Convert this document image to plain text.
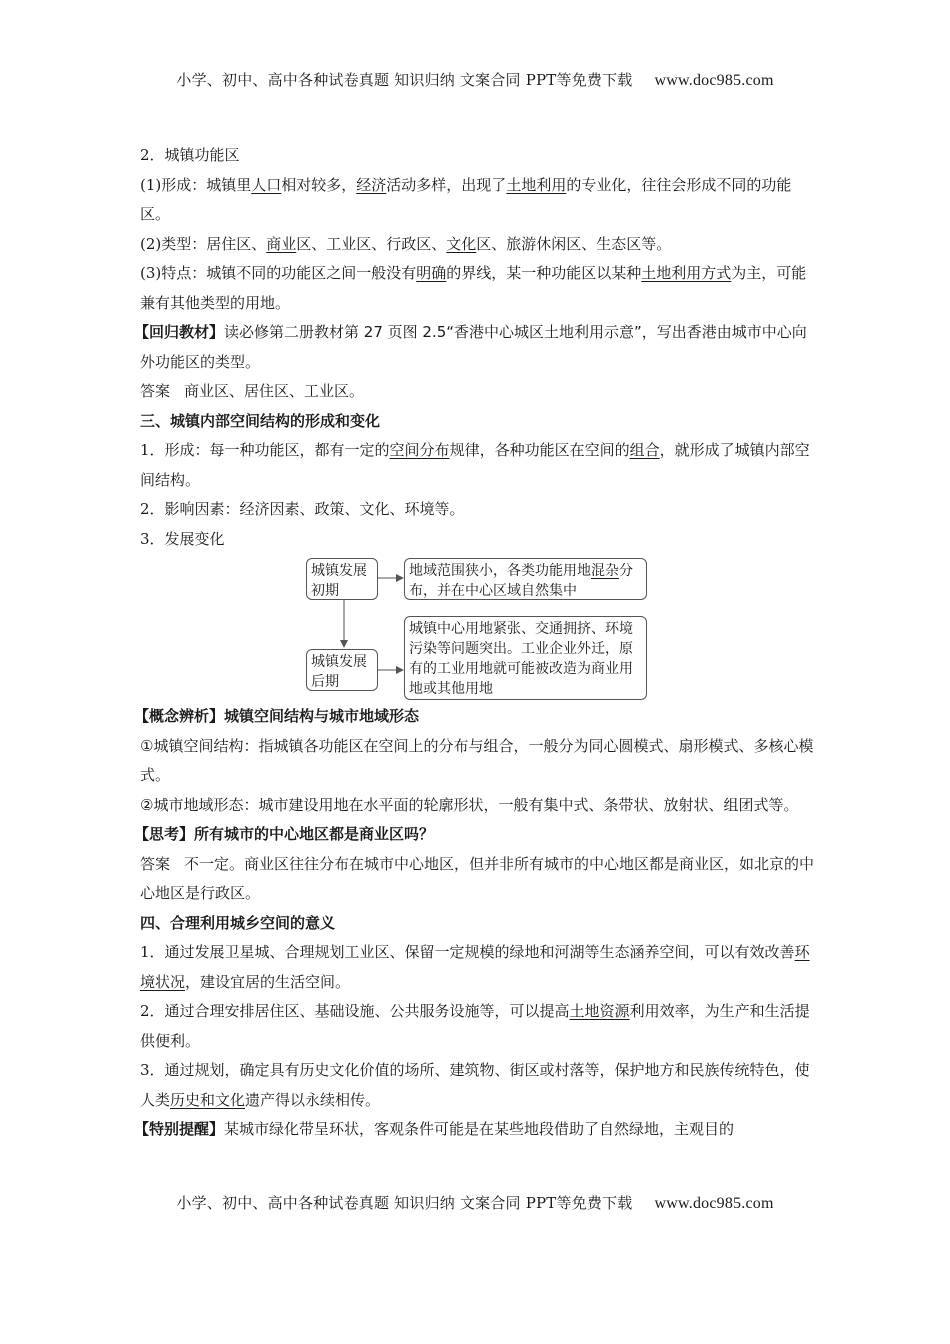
小学、初中、高中各种试卷真题 知识归纳 文案合同 PPT等免费下载 www.doc985.com

2．城镇功能区

(1)形成：城镇里人口相对较多，经济活动多样，出现了土地利用的专业化，往往会形成不同的功能区。

(2)类型：居住区、商业区、工业区、行政区、文化区、旅游休闲区、生态区等。

(3)特点：城镇不同的功能区之间一般没有明确的界线，某一种功能区以某种土地利用方式为主，可能兼有其他类型的用地。

【回归教材】读必修第二册教材第 27 页图 2.5“香港中心城区土地利用示意”，写出香港由城市中心向外功能区的类型。

答案 商业区、居住区、工业区。

三、城镇内部空间结构的形成和变化

1．形成：每一种功能区，都有一定的空间分布规律，各种功能区在空间的组合，就形成了城镇内部空间结构。

2．影响因素：经济因素、政策、文化、环境等。

3．发展变化

城镇发展初期
地域范围狭小，各类功能用地混杂分布，并在中心区域自然集中
城镇发展后期
城镇中心用地紧张、交通拥挤、环境污染等问题突出。工业企业外迁，原有的工业用地就可能被改造为商业用地或其他用地

【概念辨析】城镇空间结构与城市地域形态

①城镇空间结构：指城镇各功能区在空间上的分布与组合，一般分为同心圆模式、扇形模式、多核心模式。

②城市地域形态：城市建设用地在水平面的轮廓形状，一般有集中式、条带状、放射状、组团式等。

【思考】所有城市的中心地区都是商业区吗？

答案 不一定。商业区往往分布在城市中心地区，但并非所有城市的中心地区都是商业区，如北京的中心地区是行政区。

四、合理利用城乡空间的意义

1．通过发展卫星城、合理规划工业区、保留一定规模的绿地和河湖等生态涵养空间，可以有效改善环境状况，建设宜居的生活空间。

2．通过合理安排居住区、基础设施、公共服务设施等，可以提高土地资源利用效率，为生产和生活提供便利。

3．通过规划，确定具有历史文化价值的场所、建筑物、街区或村落等，保护地方和民族传统特色，使人类历史和文化遗产得以永续相传。

【特别提醒】某城市绿化带呈环状，客观条件可能是在某些地段借助了自然绿地，主观目的

小学、初中、高中各种试卷真题 知识归纳 文案合同 PPT等免费下载 www.doc985.com
